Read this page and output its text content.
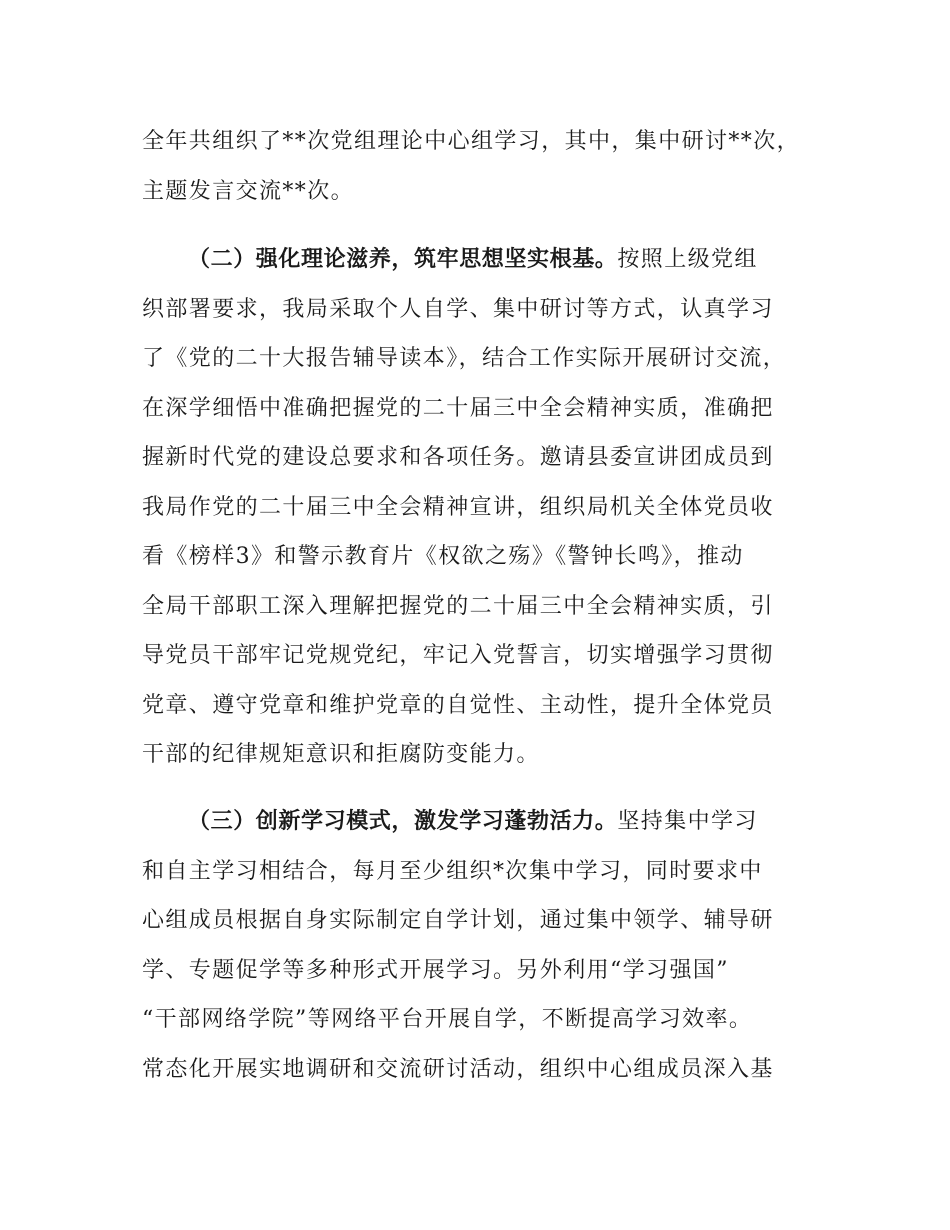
全年共组织了**次党组理论中心组学习，其中，集中研讨**次，
主题发言交流**次。
（二）强化理论滋养，筑牢思想坚实根基。按照上级党组
织部署要求，我局采取个人自学、集中研讨等方式，认真学习
了《党的二十大报告辅导读本》，结合工作实际开展研讨交流，
在深学细悟中准确把握党的二十届三中全会精神实质，准确把
握新时代党的建设总要求和各项任务。邀请县委宣讲团成员到
我局作党的二十届三中全会精神宣讲，组织局机关全体党员收
看《榜样3》和警示教育片《权欲之殇》《警钟长鸣》，推动
全局干部职工深入理解把握党的二十届三中全会精神实质，引
导党员干部牢记党规党纪，牢记入党誓言，切实增强学习贯彻
党章、遵守党章和维护党章的自觉性、主动性，提升全体党员
干部的纪律规矩意识和拒腐防变能力。
（三）创新学习模式，激发学习蓬勃活力。坚持集中学习
和自主学习相结合，每月至少组织*次集中学习，同时要求中
心组成员根据自身实际制定自学计划，通过集中领学、辅导研
学、专题促学等多种形式开展学习。另外利用“学习强国”
“干部网络学院”等网络平台开展自学，不断提高学习效率。
常态化开展实地调研和交流研讨活动，组织中心组成员深入基
